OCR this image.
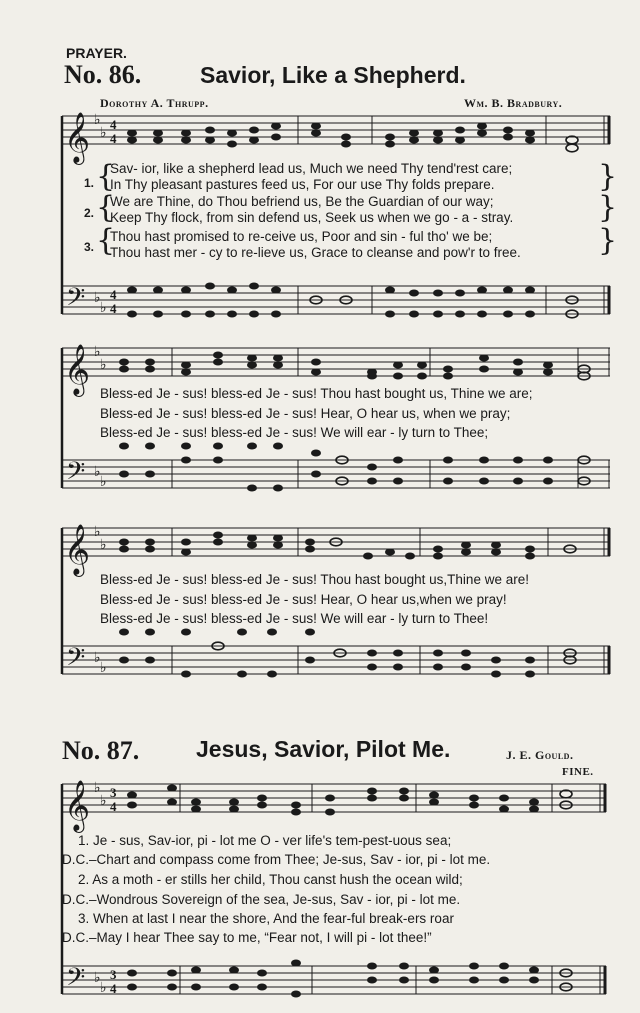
PRAYER.
No. 86.	Savior, Like a Shepherd.
Dorothy A. Thrupp.	Wm. B. Bradbury.
𝄞
𝄢
𝄞
𝄢
𝄞
𝄢
𝄞
𝄢
♭
♭
♭
♭
♭
♭
♭
♭
♭
♭
♭
♭
♭
♭
♭
♭
4
4
4
4
3
4
3
4
1. {
Sav- ior, like a shepherd lead us, Much we need Thy tend'rest care;
In Thy pleasant pastures feed us, For our use Thy folds prepare.	}
2. {
We are Thine, do Thou befriend us, Be the Guardian of our way;
Keep Thy flock, from sin defend us, Seek us when we go - a - stray.	}
3. {
Thou hast promised to re-ceive us, Poor and sin - ful tho' we be;
Thou hast mer - cy to re-lieve us, Grace to cleanse and pow'r to free.	}
Bless-ed Je - sus! bless-ed Je - sus! Thou hast bought us, Thine we are;
Bless-ed Je - sus! bless-ed Je - sus! Hear, O hear us, when we pray;
Bless-ed Je - sus! bless-ed Je - sus! We will ear - ly turn to Thee;
Bless-ed Je - sus! bless-ed Je - sus! Thou hast bought us,Thine we are!
Bless-ed Je - sus! bless-ed Je - sus! Hear, O hear us,when we pray!
Bless-ed Je - sus! bless-ed Je - sus! We will ear - ly turn to Thee!
No. 87. Jesus, Savior, Pilot Me.	J. E. Gould.
FINE.
1. Je - sus, Sav-ior, pi - lot me O - ver life's tem-pest-uous sea;
D.C.–Chart and compass come from Thee; Je-sus, Sav - ior, pi - lot me.
2. As a moth - er stills her child, Thou canst hush the ocean wild;
D.C.–Wondrous Sovereign of the sea, Je-sus, Sav - ior, pi - lot me.
3. When at last I near the shore, And the fear-ful break-ers roar
D.C.–May I hear Thee say to me, “Fear not, I will pi - lot thee!”
